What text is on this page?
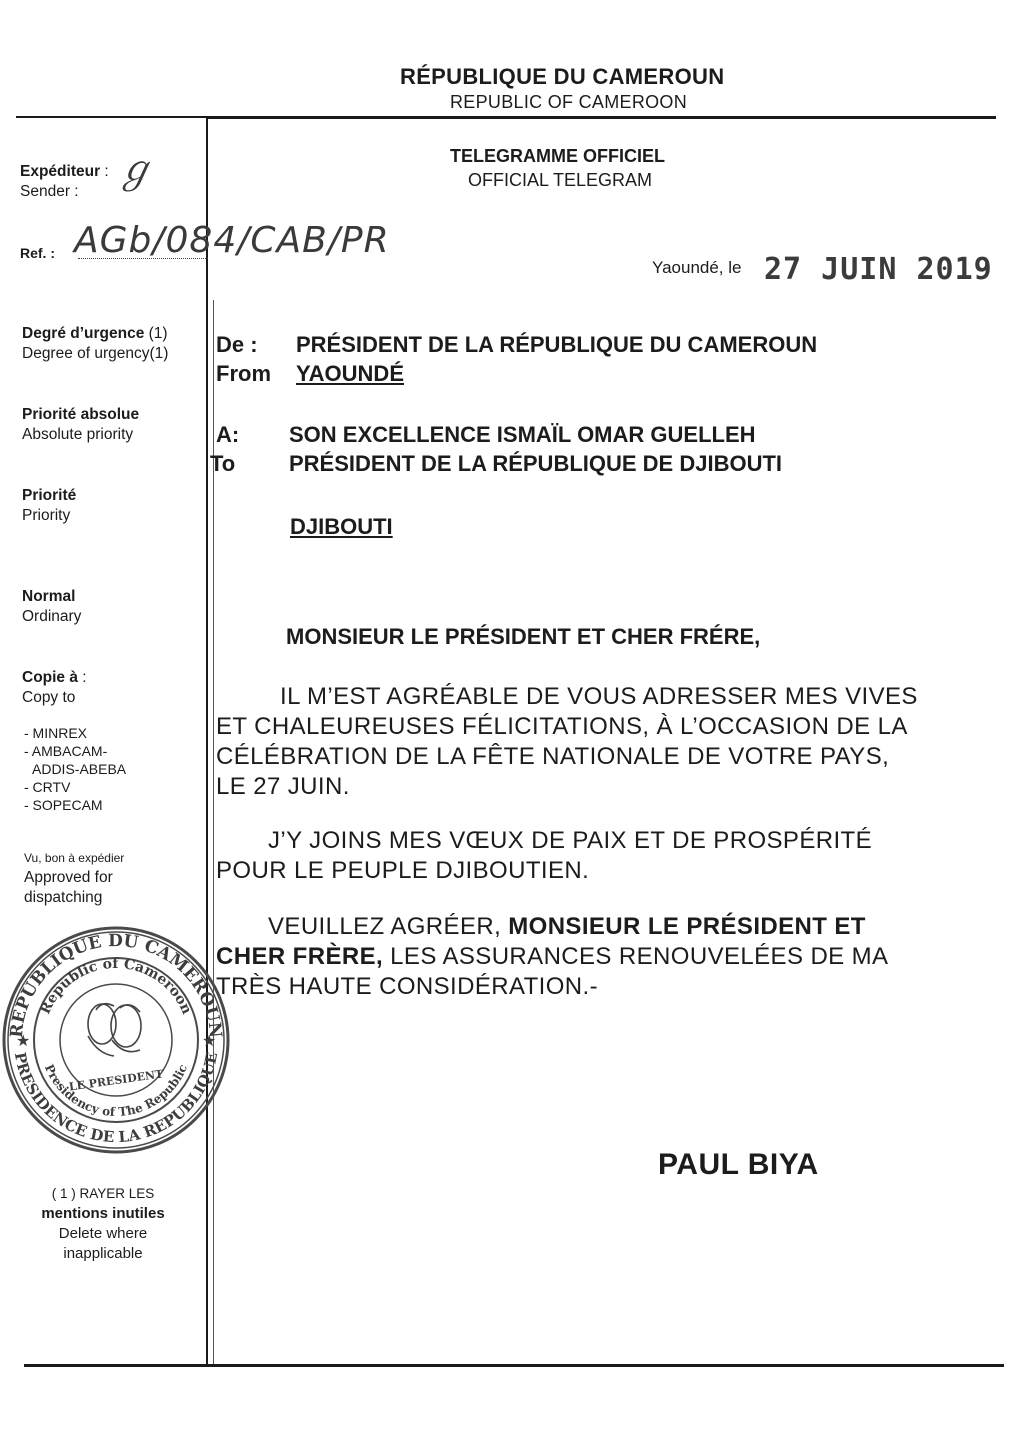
RÉPUBLIQUE DU CAMEROUN
REPUBLIC OF CAMEROON
TELEGRAMME OFFICIEL
OFFICIAL TELEGRAM
Expéditeur :
Sender :
ℊ
Ref. : AGb/084/CAB/PR
Degré d’urgence (1)
Degree of urgency(1)
Priorité absolue
Absolute priority
Priorité
Priority
Normal
Ordinary
Copie à :
Copy to
- MINREX
- AMBACAM-
ADDIS-ABEBA
- CRTV
- SOPECAM
Vu, bon à expédier
Approved for
dispatching
REPUBLIQUE DU CAMEROUN
PRESIDENCE DE LA REPUBLIQUE
Republic of Cameroon
Presidency of The Republic
★	★
LE PRESIDENT
( 1 ) RAYER LES
mentions inutiles
Delete where
inapplicable
Yaoundé, le 27 JUIN 2019
De :
From
PRÉSIDENT DE LA RÉPUBLIQUE DU CAMEROUN
YAOUNDÉ
A:
To
SON EXCELLENCE ISMAÏL OMAR GUELLEH
PRÉSIDENT DE LA RÉPUBLIQUE DE DJIBOUTI
DJIBOUTI
MONSIEUR LE PRÉSIDENT ET CHER FRÉRE,
IL M’EST AGRÉABLE DE VOUS ADRESSER MES VIVES
ET CHALEUREUSES FÉLICITATIONS, À L’OCCASION DE LA
CÉLÉBRATION DE LA FÊTE NATIONALE DE VOTRE PAYS,
LE 27 JUIN.
J’Y JOINS MES VŒUX DE PAIX ET DE PROSPÉRITÉ
POUR LE PEUPLE DJIBOUTIEN.
VEUILLEZ AGRÉER, MONSIEUR LE PRÉSIDENT ET
CHER FRÈRE, LES ASSURANCES RENOUVELÉES DE MA
TRÈS HAUTE CONSIDÉRATION.-
PAUL BIYA
